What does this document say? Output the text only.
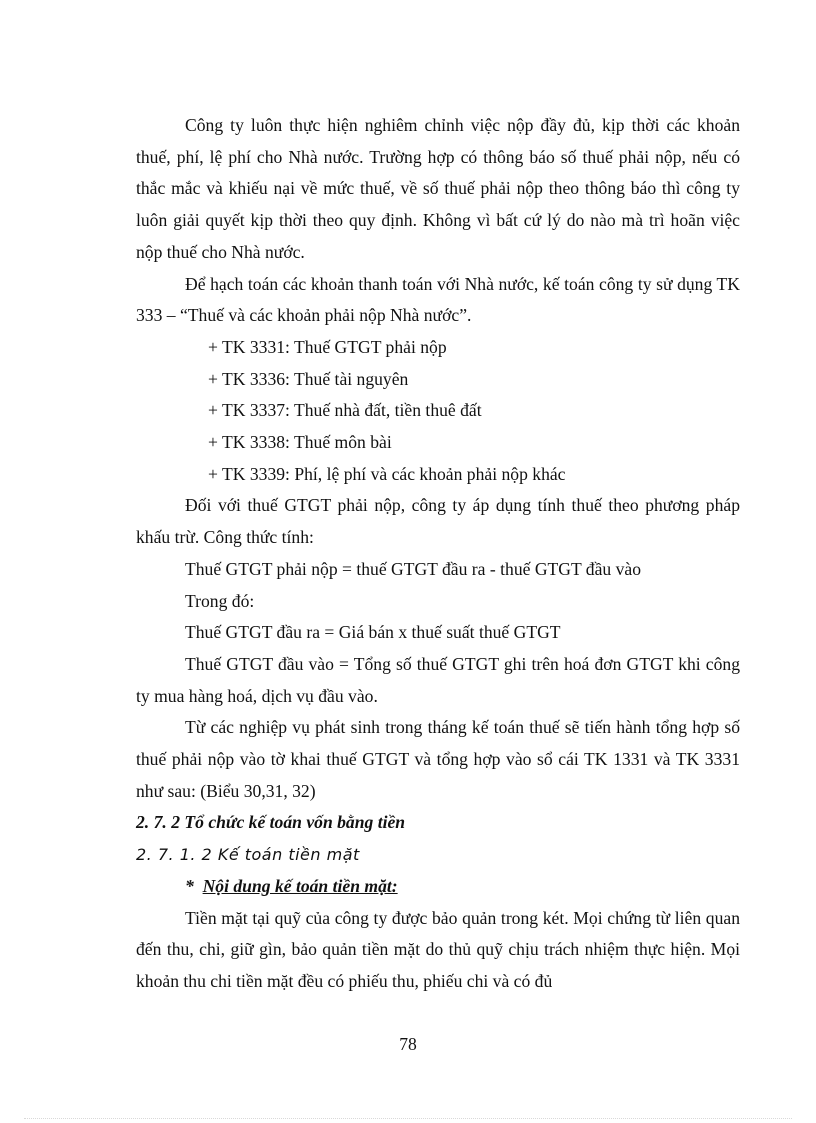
Công ty luôn thực hiện nghiêm chỉnh việc nộp đầy đủ, kịp thời các khoản thuế, phí, lệ phí cho Nhà nước. Trường hợp có thông báo số thuế phải nộp, nếu có thắc mắc và khiếu nại về mức thuế, về số thuế phải nộp theo thông báo thì công ty luôn giải quyết kịp thời theo quy định. Không vì bất cứ lý do nào mà trì hoãn việc nộp thuế cho Nhà nước.

Để hạch toán các khoản thanh toán với Nhà nước, kế toán công ty sử dụng TK 333 – “Thuế và các khoản phải nộp Nhà nước”.

+ TK 3331: Thuế GTGT phải nộp

+ TK 3336: Thuế tài nguyên

+ TK 3337: Thuế nhà đất, tiền thuê đất

+ TK 3338: Thuế môn bài

+ TK 3339: Phí, lệ phí và các khoản phải nộp khác

Đối với thuế GTGT phải nộp, công ty áp dụng tính thuế theo phương pháp khấu trừ. Công thức tính:

Thuế GTGT phải nộp = thuế GTGT đầu ra - thuế GTGT đầu vào

Trong đó:

Thuế GTGT đầu ra = Giá bán x thuế suất thuế GTGT

Thuế GTGT đầu vào = Tổng số thuế GTGT ghi trên hoá đơn GTGT khi công ty mua hàng hoá, dịch vụ đầu vào.

Từ các nghiệp vụ phát sinh trong tháng kế toán thuế sẽ tiến hành tổng hợp số thuế phải nộp vào tờ khai thuế GTGT và tổng hợp vào sổ cái TK 1331 và TK 3331 như sau: (Biểu 30,31, 32)

2. 7. 2 Tổ chức kế toán vốn bằng tiền

2. 7. 1. 2 Kế toán tiền mặt

* Nội dung kế toán tiền mặt:

Tiền mặt tại quỹ của công ty được bảo quản trong két. Mọi chứng từ liên quan đến thu, chi, giữ gìn, bảo quản tiền mặt do thủ quỹ chịu trách nhiệm thực hiện. Mọi khoản thu chi tiền mặt đều có phiếu thu, phiếu chi và có đủ

78
